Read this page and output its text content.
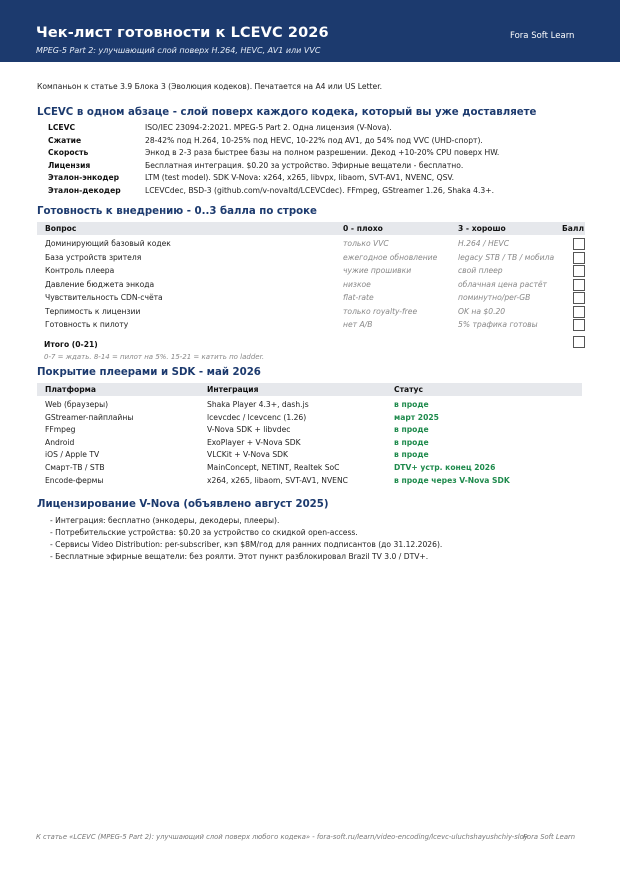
Чек-лист готовности к LCEVC 2026
MPEG-5 Part 2: улучшающий слой поверх H.264, HEVC, AV1 или VVC
Fora Soft Learn
Компаньон к статье 3.9 Блока 3 (Эволюция кодеков). Печатается на A4 или US Letter.
LCEVC в одном абзаце - слой поверх каждого кодека, который вы уже доставляете
LCEVC	ISO/IEC 23094-2:2021. MPEG-5 Part 2. Одна лицензия (V-Nova).
Сжатие	28-42% под H.264, 10-25% под HEVC, 10-22% под AV1, до 54% под VVC (UHD-спорт).
Скорость	Энкод в 2-3 раза быстрее базы на полном разрешении. Декод +10-20% CPU поверх HW.
Лицензия	Бесплатная интеграция. $0.20 за устройство. Эфирные вещатели - бесплатно.
Эталон-энкодер	LTM (test model). SDK V-Nova: x264, x265, libvpx, libaom, SVT-AV1, NVENC, QSV.
Эталон-декодер	LCEVCdec, BSD-3 (github.com/v-novaltd/LCEVCdec). FFmpeg, GStreamer 1.26, Shaka 4.3+.
Готовность к внедрению - 0..3 балла по строке
Вопрос	0 - плохо	3 - хорошо	Балл
Доминирующий базовый кодек	только VVC	H.264 / HEVC
База устройств зрителя	ежегодное обновление	legacy STB / TB / мобила
Контроль плеера	чужие прошивки	свой плеер
Давление бюджета энкода	низкое	облачная цена растёт
Чувствительность CDN-счёта	flat-rate	поминутно/per-GB
Терпимость к лицензии	только royalty-free	OK на $0.20
Готовность к пилоту	нет A/B	5% трафика готовы
Итого (0-21)
0-7 = ждать. 8-14 = пилот на 5%. 15-21 = катить по ladder.
Покрытие плеерами и SDK - май 2026
Платформа	Интеграция	Статус
Web (браузеры)	Shaka Player 4.3+, dash.js	в проде
GStreamer-пайплайны	lcevcdec / lcevcenc (1.26)	март 2025
FFmpeg	V-Nova SDK + libvdec	в проде
Android	ExoPlayer + V-Nova SDK	в проде
iOS / Apple TV	VLCKit + V-Nova SDK	в проде
Смарт-ТВ / STB	MainConcept, NETINT, Realtek SoC	DTV+ устр. конец 2026
Encode-фермы	x264, x265, libaom, SVT-AV1, NVENC	в проде через V-Nova SDK
Лицензирование V-Nova (объявлено август 2025)
- Интеграция: бесплатно (энкодеры, декодеры, плееры).
- Потребительские устройства: $0.20 за устройство со скидкой open-access.
- Сервисы Video Distribution: per-subscriber, кэп $8M/год для ранних подписантов (до 31.12.2026).
- Бесплатные эфирные вещатели: без роялти. Этот пункт разблокировал Brazil TV 3.0 / DTV+.
К статье «LCEVC (MPEG-5 Part 2): улучшающий слой поверх любого кодека» - fora-soft.ru/learn/video-encoding/lcevc-uluchshayushchiy-sloy
Fora Soft Learn
